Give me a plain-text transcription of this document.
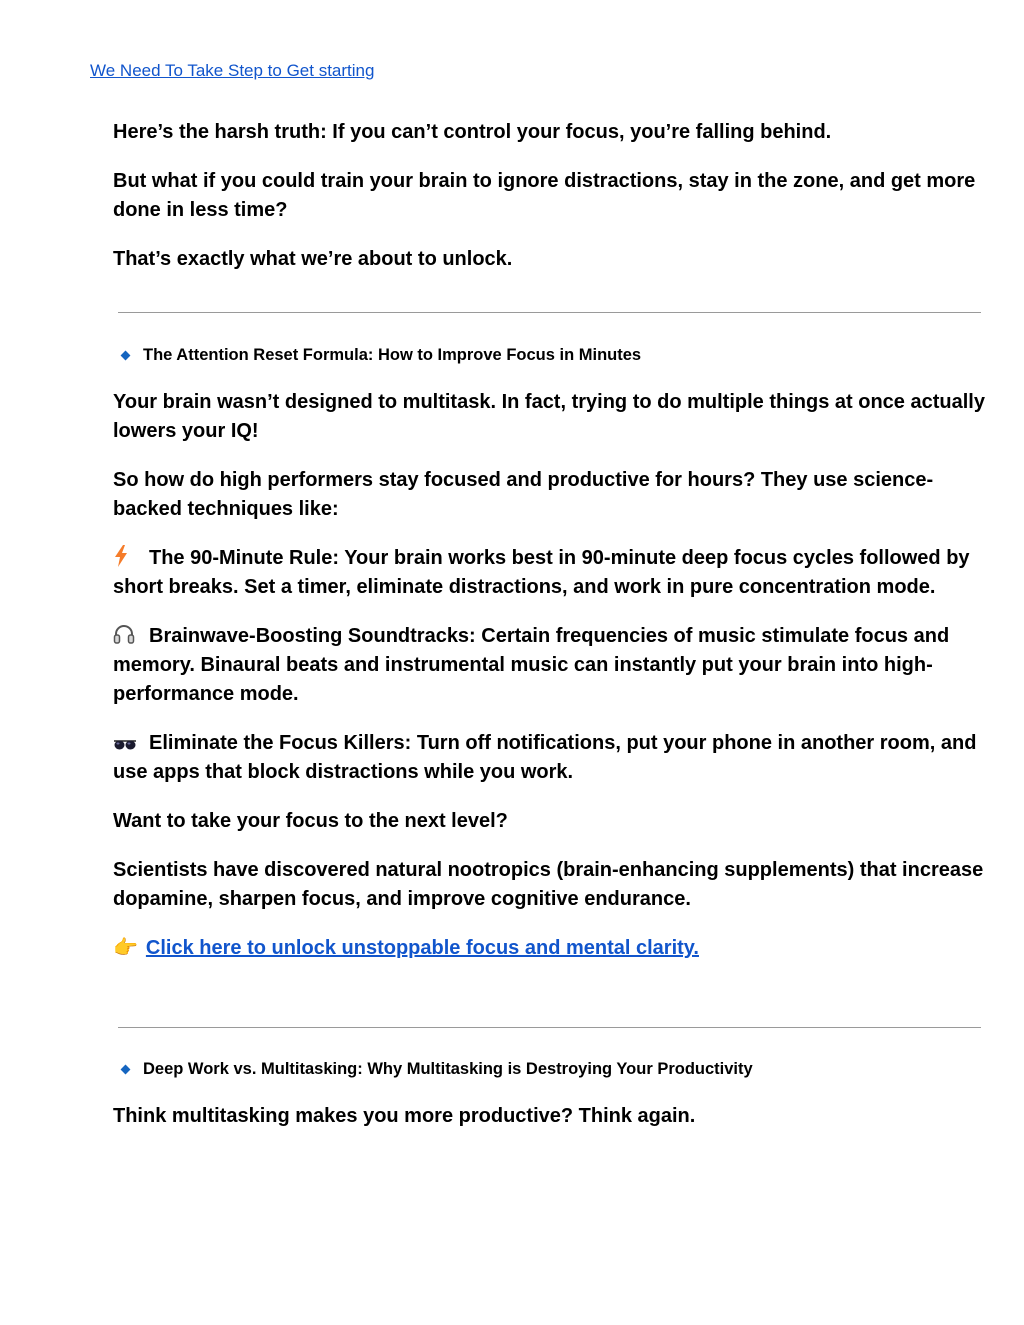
We Need To Take Step to Get starting

Here’s the harsh truth: If you can’t control your focus, you’re falling behind.

But what if you could train your brain to ignore distractions, stay in the zone, and get more done in less time?

That’s exactly what we’re about to unlock.

The Attention Reset Formula: How to Improve Focus in Minutes

Your brain wasn’t designed to multitask. In fact, trying to do multiple things at once actually lowers your IQ!

So how do high performers stay focused and productive for hours? They use science-backed techniques like:

The 90-Minute Rule: Your brain works best in 90-minute deep focus cycles followed by short breaks. Set a timer, eliminate distractions, and work in pure concentration mode.

Brainwave-Boosting Soundtracks: Certain frequencies of music stimulate focus and memory. Binaural beats and instrumental music can instantly put your brain into high-performance mode.

Eliminate the Focus Killers: Turn off notifications, put your phone in another room, and use apps that block distractions while you work.

Want to take your focus to the next level?

Scientists have discovered natural nootropics (brain-enhancing supplements) that increase dopamine, sharpen focus, and improve cognitive endurance.

👉 Click here to unlock unstoppable focus and mental clarity.

Deep Work vs. Multitasking: Why Multitasking is Destroying Your Productivity

Think multitasking makes you more productive? Think again.
